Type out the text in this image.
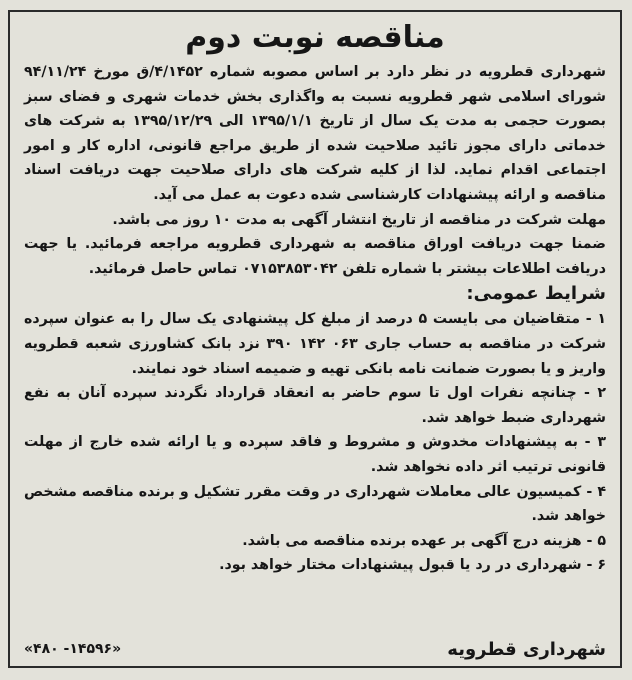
مناقصه نوبت دوم

شهرداری قطرویه در نظر دارد بر اساس مصوبه شماره ۴/۱۴۵۲/ق مورخ ۹۴/۱۱/۲۴ شورای اسلامی شهر قطرویه نسبت به واگذاری بخش خدمات شهری و فضای سبز بصورت حجمی به مدت یک سال از تاریخ ۱۳۹۵/۱/۱ الی ۱۳۹۵/۱۲/۲۹ به شرکت های خدماتی دارای مجوز تائید صلاحیت شده از طریق مراجع قانونی، اداره کار و امور اجتماعی اقدام نماید. لذا از کلیه شرکت های دارای صلاحیت جهت دریافت اسناد مناقصه و ارائه پیشنهادات کارشناسی شده دعوت به عمل می آید.

مهلت شرکت در مناقصه از تاریخ انتشار آگهی به مدت ۱۰ روز می باشد.

ضمنا جهت دریافت اوراق مناقصه به شهرداری قطرویه مراجعه فرمائید. یا جهت دریافت اطلاعات بیشتر با شماره تلفن ۰۷۱۵۳۸۵۳۰۴۲ تماس حاصل فرمائید.

شرایط عمومی:

۱ - متقاضیان می بایست ۵ درصد از مبلغ کل پیشنهادی یک سال را به عنوان سپرده شرکت در مناقصه به حساب جاری ۰۶۳ ۱۴۲ ۳۹۰ نزد بانک کشاورزی شعبه قطرویه واریز و یا بصورت ضمانت نامه بانکی تهیه و ضمیمه اسناد خود نمایند.

۲ - چنانچه نفرات اول تا سوم حاضر به انعقاد قرارداد نگردند سپرده آنان به نفع شهرداری ضبط خواهد شد.

۳ - به پیشنهادات مخدوش و مشروط و فاقد سپرده و یا ارائه شده خارج از مهلت قانونی ترتیب اثر داده نخواهد شد.

۴ - کمیسیون عالی معاملات شهرداری در وقت مقرر تشکیل و برنده مناقصه مشخص خواهد شد.

۵ - هزینه درج آگهی بر عهده برنده مناقصه می باشد.

۶ - شهرداری در رد یا قبول پیشنهادات مختار خواهد بود.

شهرداری قطرویه
«۴۸۰ -۱۴۵۹۶»
